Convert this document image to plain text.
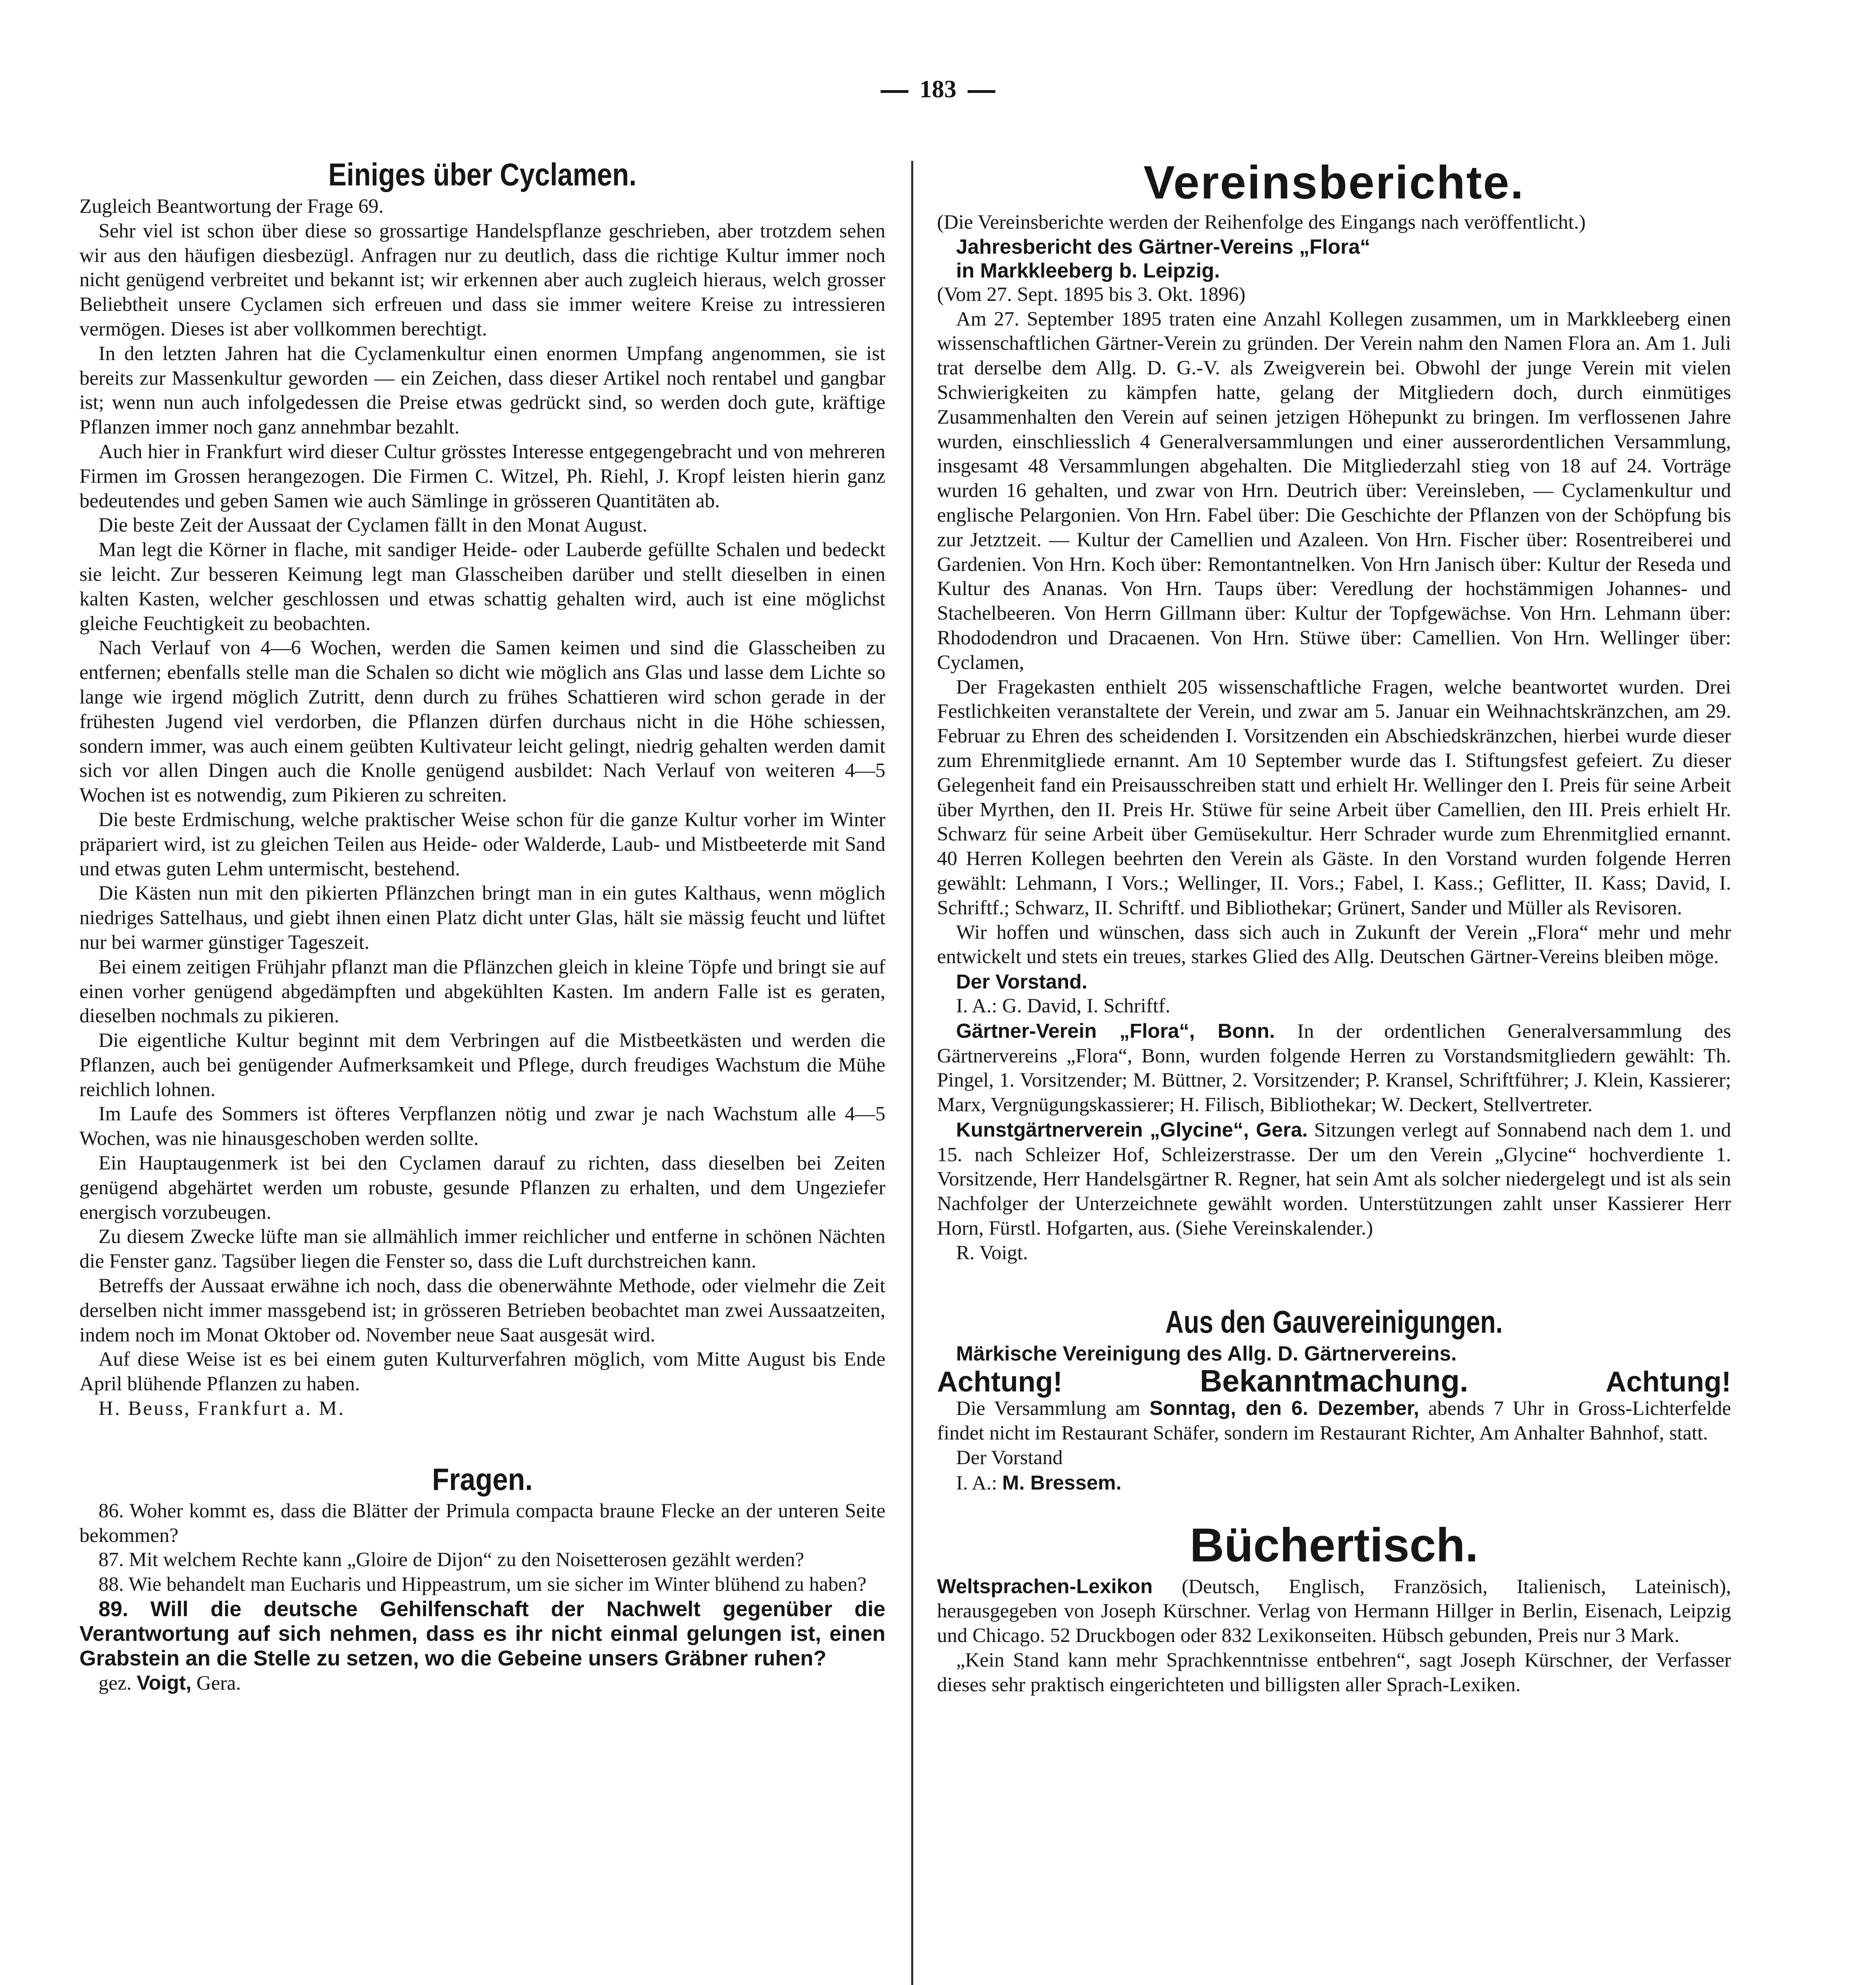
183
Einiges über Cyclamen.

Zugleich Beantwortung der Frage 69.

Sehr viel ist schon über diese so grossartige Handelspflanze geschrieben, aber trotzdem sehen wir aus den häufigen diesbezügl. Anfragen nur zu deutlich, dass die richtige Kultur immer noch nicht genügend verbreitet und bekannt ist; wir erkennen aber auch zugleich hieraus, welch grosser Beliebtheit unsere Cyclamen sich erfreuen und dass sie immer weitere Kreise zu intressieren vermögen. Dieses ist aber vollkommen berechtigt.

In den letzten Jahren hat die Cyclamenkultur einen enormen Umpfang angenommen, sie ist bereits zur Massenkultur geworden — ein Zeichen, dass dieser Artikel noch rentabel und gangbar ist; wenn nun auch infolgedessen die Preise etwas gedrückt sind, so werden doch gute, kräftige Pflanzen immer noch ganz annehmbar bezahlt.

Auch hier in Frankfurt wird dieser Cultur grösstes Interesse entgegengebracht und von mehreren Firmen im Grossen herangezogen. Die Firmen C. Witzel, Ph. Riehl, J. Kropf leisten hierin ganz bedeutendes und geben Samen wie auch Sämlinge in grösseren Quantitäten ab.

Die beste Zeit der Aussaat der Cyclamen fällt in den Monat August.

Man legt die Körner in flache, mit sandiger Heide- oder Lauberde gefüllte Schalen und bedeckt sie leicht. Zur besseren Keimung legt man Glasscheiben darüber und stellt dieselben in einen kalten Kasten, welcher geschlossen und etwas schattig gehalten wird, auch ist eine möglichst gleiche Feuchtigkeit zu beobachten.

Nach Verlauf von 4—6 Wochen, werden die Samen keimen und sind die Glasscheiben zu entfernen; ebenfalls stelle man die Schalen so dicht wie möglich ans Glas und lasse dem Lichte so lange wie irgend möglich Zutritt, denn durch zu frühes Schattieren wird schon gerade in der frühesten Jugend viel verdorben, die Pflanzen dürfen durchaus nicht in die Höhe schiessen, sondern immer, was auch einem geübten Kultivateur leicht gelingt, niedrig gehalten werden damit sich vor allen Dingen auch die Knolle genügend ausbildet: Nach Verlauf von weiteren 4—5 Wochen ist es notwendig, zum Pikieren zu schreiten.

Die beste Erdmischung, welche praktischer Weise schon für die ganze Kultur vorher im Winter präpariert wird, ist zu gleichen Teilen aus Heide- oder Walderde, Laub- und Mistbeeterde mit Sand und etwas guten Lehm untermischt, bestehend.

Die Kästen nun mit den pikierten Pflänzchen bringt man in ein gutes Kalthaus, wenn möglich niedriges Sattelhaus, und giebt ihnen einen Platz dicht unter Glas, hält sie mässig feucht und lüftet nur bei warmer günstiger Tageszeit.

Bei einem zeitigen Frühjahr pflanzt man die Pflänzchen gleich in kleine Töpfe und bringt sie auf einen vorher genügend abgedämpften und abgekühlten Kasten. Im andern Falle ist es geraten, dieselben nochmals zu pikieren.

Die eigentliche Kultur beginnt mit dem Verbringen auf die Mistbeetkästen und werden die Pflanzen, auch bei genügender Aufmerksamkeit und Pflege, durch freudiges Wachstum die Mühe reichlich lohnen.

Im Laufe des Sommers ist öfteres Verpflanzen nötig und zwar je nach Wachstum alle 4—5 Wochen, was nie hinausgeschoben werden sollte.

Ein Hauptaugenmerk ist bei den Cyclamen darauf zu richten, dass dieselben bei Zeiten genügend abgehärtet werden um robuste, gesunde Pflanzen zu erhalten, und dem Ungeziefer energisch vorzubeugen.

Zu diesem Zwecke lüfte man sie allmählich immer reichlicher und entferne in schönen Nächten die Fenster ganz. Tagsüber liegen die Fenster so, dass die Luft durchstreichen kann.

Betreffs der Aussaat erwähne ich noch, dass die obenerwähnte Methode, oder vielmehr die Zeit derselben nicht immer massgebend ist; in grösseren Betrieben beobachtet man zwei Aussaatzeiten, indem noch im Monat Oktober od. November neue Saat ausgesät wird.

Auf diese Weise ist es bei einem guten Kulturverfahren möglich, vom Mitte August bis Ende April blühende Pflanzen zu haben.

H. Beuss, Frankfurt a. M.

Fragen.

86. Woher kommt es, dass die Blätter der Primula compacta braune Flecke an der unteren Seite bekommen?

87. Mit welchem Rechte kann „Gloire de Dijon“ zu den Noisetterosen gezählt werden?

88. Wie behandelt man Eucharis und Hippeastrum, um sie sicher im Winter blühend zu haben?

89. Will die deutsche Gehilfenschaft der Nachwelt gegenüber die Verantwortung auf sich nehmen, dass es ihr nicht einmal gelungen ist, einen Grabstein an die Stelle zu setzen, wo die Gebeine unsers Gräbner ruhen?

gez. Voigt, Gera.

Vereinsberichte.

(Die Vereinsberichte werden der Reihenfolge des Eingangs nach veröffentlicht.)

Jahresbericht des Gärtner-Vereins „Flora“

in Markkleeberg b. Leipzig.

(Vom 27. Sept. 1895 bis 3. Okt. 1896)

Am 27. September 1895 traten eine Anzahl Kollegen zusammen, um in Markkleeberg einen wissenschaftlichen Gärtner-Verein zu gründen. Der Verein nahm den Namen Flora an. Am 1. Juli trat derselbe dem Allg. D. G.-V. als Zweigverein bei. Obwohl der junge Verein mit vielen Schwierigkeiten zu kämpfen hatte, gelang der Mitgliedern doch, durch einmütiges Zusammenhalten den Verein auf seinen jetzigen Höhepunkt zu bringen. Im verflossenen Jahre wurden, einschliesslich 4 Generalversammlungen und einer ausserordentlichen Versammlung, insgesamt 48 Versammlungen abgehalten. Die Mitgliederzahl stieg von 18 auf 24. Vorträge wurden 16 gehalten, und zwar von Hrn. Deutrich über: Vereinsleben, — Cyclamenkultur und englische Pelargonien. Von Hrn. Fabel über: Die Geschichte der Pflanzen von der Schöpfung bis zur Jetztzeit. — Kultur der Camellien und Azaleen. Von Hrn. Fischer über: Rosentreiberei und Gardenien. Von Hrn. Koch über: Remontantnelken. Von Hrn Janisch über: Kultur der Reseda und Kultur des Ananas. Von Hrn. Taups über: Veredlung der hochstämmigen Johannes- und Stachelbeeren. Von Herrn Gillmann über: Kultur der Topfgewächse. Von Hrn. Lehmann über: Rhododendron und Dracaenen. Von Hrn. Stüwe über: Camellien. Von Hrn. Wellinger über: Cyclamen,

Der Fragekasten enthielt 205 wissenschaftliche Fragen, welche beantwortet wurden. Drei Festlichkeiten veranstaltete der Verein, und zwar am 5. Januar ein Weihnachtskränzchen, am 29. Februar zu Ehren des scheidenden I. Vorsitzenden ein Abschiedskränzchen, hierbei wurde dieser zum Ehrenmitgliede ernannt. Am 10 September wurde das I. Stiftungsfest gefeiert. Zu dieser Gelegenheit fand ein Preisausschreiben statt und erhielt Hr. Wellinger den I. Preis für seine Arbeit über Myrthen, den II. Preis Hr. Stüwe für seine Arbeit über Camellien, den III. Preis erhielt Hr. Schwarz für seine Arbeit über Gemüsekultur. Herr Schrader wurde zum Ehrenmitglied ernannt. 40 Herren Kollegen beehrten den Verein als Gäste. In den Vorstand wurden folgende Herren gewählt: Lehmann, I Vors.; Wellinger, II. Vors.; Fabel, I. Kass.; Geflitter, II. Kass; David, I. Schriftf.; Schwarz, II. Schriftf. und Bibliothekar; Grünert, Sander und Müller als Revisoren.

Wir hoffen und wünschen, dass sich auch in Zukunft der Verein „Flora“ mehr und mehr entwickelt und stets ein treues, starkes Glied des Allg. Deutschen Gärtner-Vereins bleiben möge.

Der Vorstand.

I. A.: G. David, I. Schriftf.

Gärtner-Verein „Flora“, Bonn. In der ordentlichen Generalversammlung des Gärtnervereins „Flora“, Bonn, wurden folgende Herren zu Vorstandsmitgliedern gewählt: Th. Pingel, 1. Vorsitzender; M. Büttner, 2. Vorsitzender; P. Kransel, Schriftführer; J. Klein, Kassierer; Marx, Vergnügungskassierer; H. Filisch, Bibliothekar; W. Deckert, Stellvertreter.

Kunstgärtnerverein „Glycine“, Gera. Sitzungen verlegt auf Sonnabend nach dem 1. und 15. nach Schleizer Hof, Schleizerstrasse. Der um den Verein „Glycine“ hochverdiente 1. Vorsitzende, Herr Handelsgärtner R. Regner, hat sein Amt als solcher niedergelegt und ist als sein Nachfolger der Unterzeichnete gewählt worden. Unterstützungen zahlt unser Kassierer Herr Horn, Fürstl. Hofgarten, aus. (Siehe Vereinskalender.)

R. Voigt.

Aus den Gauvereinigungen.

Märkische Vereinigung des Allg. D. Gärtnervereins.

Achtung!	Bekanntmachung.	Achtung!

Die Versammlung am Sonntag, den 6. Dezember, abends 7 Uhr in Gross-Lichterfelde findet nicht im Restaurant Schäfer, sondern im Restaurant Richter, Am Anhalter Bahnhof, statt.

Der Vorstand

I. A.: M. Bressem.

Büchertisch.

Weltsprachen-Lexikon (Deutsch, Englisch, Französich, Italienisch, Lateinisch), herausgegeben von Joseph Kürschner. Verlag von Hermann Hillger in Berlin, Eisenach, Leipzig und Chicago. 52 Druckbogen oder 832 Lexikonseiten. Hübsch gebunden, Preis nur 3 Mark.

„Kein Stand kann mehr Sprachkenntnisse entbehren“, sagt Joseph Kürschner, der Verfasser dieses sehr praktisch eingerichteten und billigsten aller Sprach-Lexiken.
